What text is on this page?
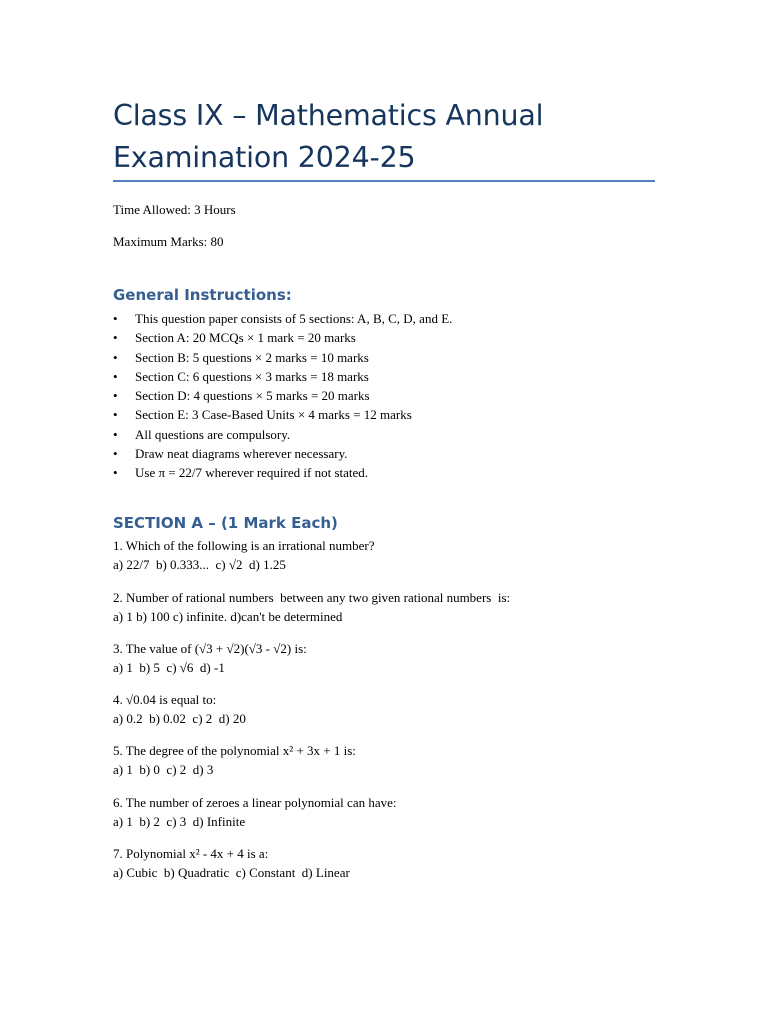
Class IX – Mathematics Annual
Examination 2024-25

Time Allowed: 3 Hours

Maximum Marks: 80

General Instructions:
• This question paper consists of 5 sections: A, B, C, D, and E.
• Section A: 20 MCQs × 1 mark = 20 marks
• Section B: 5 questions × 2 marks = 10 marks
• Section C: 6 questions × 3 marks = 18 marks
• Section D: 4 questions × 5 marks = 20 marks
• Section E: 3 Case-Based Units × 4 marks = 12 marks
• All questions are compulsory.
• Draw neat diagrams wherever necessary.
• Use π = 22/7 wherever required if not stated.
SECTION A – (1 Mark Each)
1. Which of the following is an irrational number?
a) 22/7  b) 0.333...  c) √2  d) 1.25
2. Number of rational numbers  between any two given rational numbers  is:
a) 1 b) 100 c) infinite. d)can't be determined
3. The value of (√3 + √2)(√3 - √2) is:
a) 1  b) 5  c) √6  d) -1
4. √0.04 is equal to:
a) 0.2  b) 0.02  c) 2  d) 20
5. The degree of the polynomial x² + 3x + 1 is:
a) 1  b) 0  c) 2  d) 3
6. The number of zeroes a linear polynomial can have:
a) 1  b) 2  c) 3  d) Infinite
7. Polynomial x² - 4x + 4 is a:
a) Cubic  b) Quadratic  c) Constant  d) Linear
